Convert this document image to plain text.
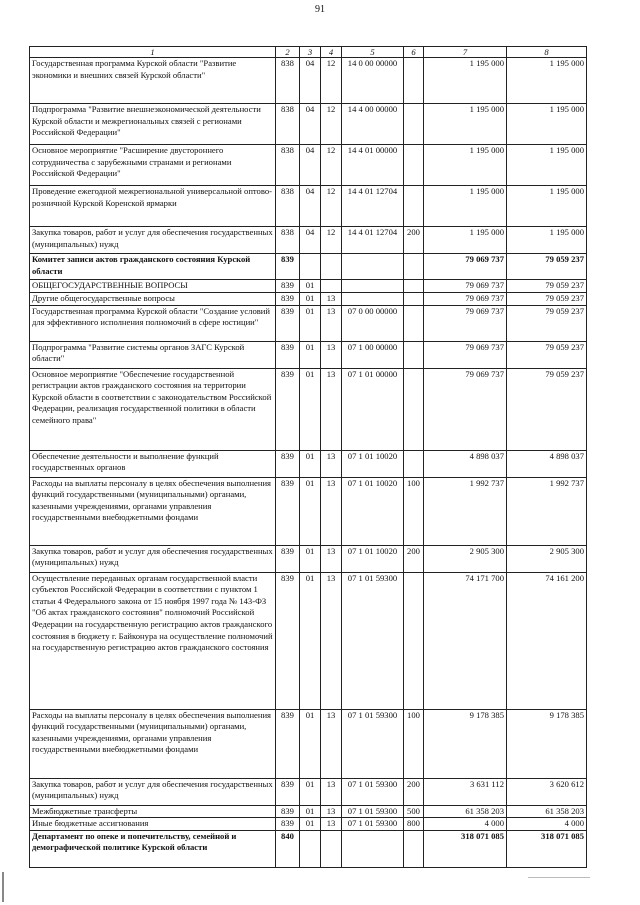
91
1	2	3	4	5	6	7	8
Государственная программа Курской области "Развитие экономики и внешних связей Курской области"	838	04	12	14 0 00 00000		1 195 000	1 195 000
Подпрограмма "Развитие внешнеэкономической деятельности Курской области и межрегиональных связей с регионами Российской Федерации"	838	04	12	14 4 00 00000		1 195 000	1 195 000
Основное мероприятие "Расширение двустороннего сотрудничества с зарубежными странами и регионами Российской Федерации"	838	04	12	14 4 01 00000		1 195 000	1 195 000
Проведение ежегодной межрегиональной универсальной оптово-розничной Курской Коренской ярмарки	838	04	12	14 4 01 12704		1 195 000	1 195 000
Закупка товаров, работ и услуг для обеспечения государственных (муниципальных) нужд	838	04	12	14 4 01 12704	200	1 195 000	1 195 000
Комитет записи актов гражданского состояния Курской области	839					79 069 737	79 059 237
ОБЩЕГОСУДАРСТВЕННЫЕ ВОПРОСЫ	839	01				79 069 737	79 059 237
Другие общегосударственные вопросы	839	01	13			79 069 737	79 059 237
Государственная программа Курской области "Создание условий для эффективного исполнения полномочий в сфере юстиции"	839	01	13	07 0 00 00000		79 069 737	79 059 237
Подпрограмма "Развитие системы органов ЗАГС Курской области"	839	01	13	07 1 00 00000		79 069 737	79 059 237
Основное мероприятие "Обеспечение государственной регистрации актов гражданского состояния на территории Курской области в соответствии с законодательством Российской Федерации, реализация государственной политики в области семейного права"	839	01	13	07 1 01 00000		79 069 737	79 059 237
Обеспечение деятельности и выполнение функций государственных органов	839	01	13	07 1 01 10020		4 898 037	4 898 037
Расходы на выплаты персоналу в целях обеспечения выполнения функций государственными (муниципальными) органами, казенными учреждениями, органами управления государственными внебюджетными фондами	839	01	13	07 1 01 10020	100	1 992 737	1 992 737
Закупка товаров, работ и услуг для обеспечения государственных (муниципальных) нужд	839	01	13	07 1 01 10020	200	2 905 300	2 905 300
Осуществление переданных органам государственной власти субъектов Российской Федерации в соответствии с пунктом 1 статьи 4 Федерального закона от 15 ноября 1997 года № 143-ФЗ "Об актах гражданского состояния" полномочий Российской Федерации на государственную регистрацию актов гражданского состояния в бюджету г. Байконура на осуществление полномочий на государственную регистрацию актов гражданского состояния	839	01	13	07 1 01 59300		74 171 700	74 161 200
Расходы на выплаты персоналу в целях обеспечения выполнения функций государственными (муниципальными) органами, казенными учреждениями, органами управления государственными внебюджетными фондами	839	01	13	07 1 01 59300	100	9 178 385	9 178 385
Закупка товаров, работ и услуг для обеспечения государственных (муниципальных) нужд	839	01	13	07 1 01 59300	200	3 631 112	3 620 612
Межбюджетные трансферты	839	01	13	07 1 01 59300	500	61 358 203	61 358 203
Иные бюджетные ассигнования	839	01	13	07 1 01 59300	800	4 000	4 000
Департамент по опеке и попечительству, семейной и демографической политике Курской области	840					318 071 085	318 071 085
